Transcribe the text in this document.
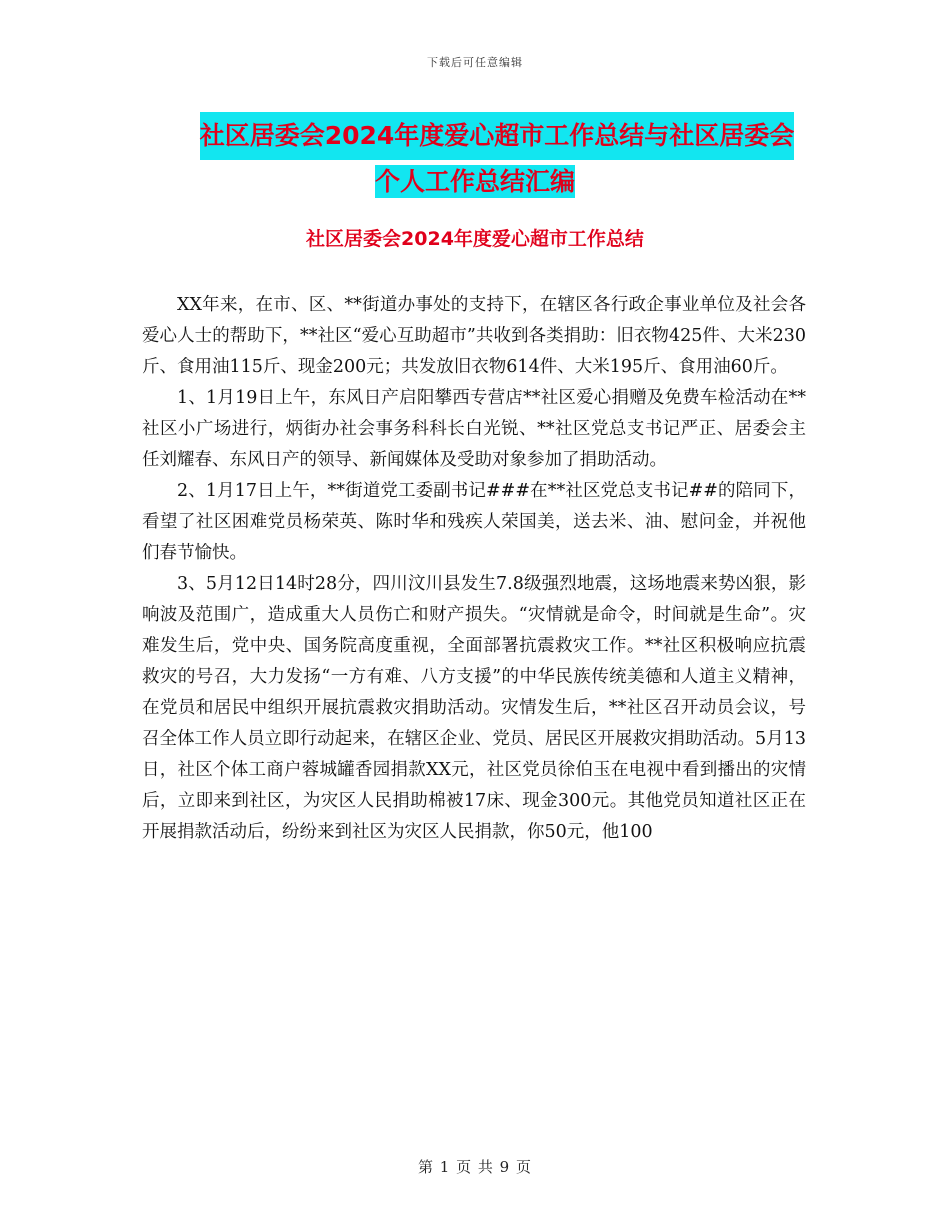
下载后可任意编辑
社区居委会2024年度爱心超市工作总结与社区居委会
个人工作总结汇编
社区居委会2024年度爱心超市工作总结

XX年来，在市、区、**街道办事处的支持下，在辖区各行政企事业单位及社会各爱心人士的帮助下，**社区“爱心互助超市”共收到各类捐助：旧衣物425件、大米230斤、食用油115斤、现金200元；共发放旧衣物614件、大米195斤、食用油60斤。

1、1月19日上午，东风日产启阳攀西专营店**社区爱心捐赠及免费车检活动在**社区小广场进行，炳街办社会事务科科长白光锐、**社区党总支书记严正、居委会主任刘耀春、东风日产的领导、新闻媒体及受助对象参加了捐助活动。

2、1月17日上午，**街道党工委副书记###在**社区党总支书记##的陪同下，看望了社区困难党员杨荣英、陈时华和残疾人荣国美，送去米、油、慰问金，并祝他们春节愉快。

3、5月12日14时28分，四川汶川县发生7.8级强烈地震，这场地震来势凶狠，影响波及范围广，造成重大人员伤亡和财产损失。“灾情就是命令，时间就是生命”。灾难发生后，党中央、国务院高度重视，全面部署抗震救灾工作。**社区积极响应抗震救灾的号召，大力发扬“一方有难、八方支援”的中华民族传统美德和人道主义精神，在党员和居民中组织开展抗震救灾捐助活动。灾情发生后，**社区召开动员会议，号召全体工作人员立即行动起来，在辖区企业、党员、居民区开展救灾捐助活动。5月13日，社区个体工商户蓉城罐香园捐款XX元，社区党员徐伯玉在电视中看到播出的灾情后，立即来到社区，为灾区人民捐助棉被17床、现金300元。其他党员知道社区正在开展捐款活动后，纷纷来到社区为灾区人民捐款，你50元，他100

第 1 页 共 9 页
